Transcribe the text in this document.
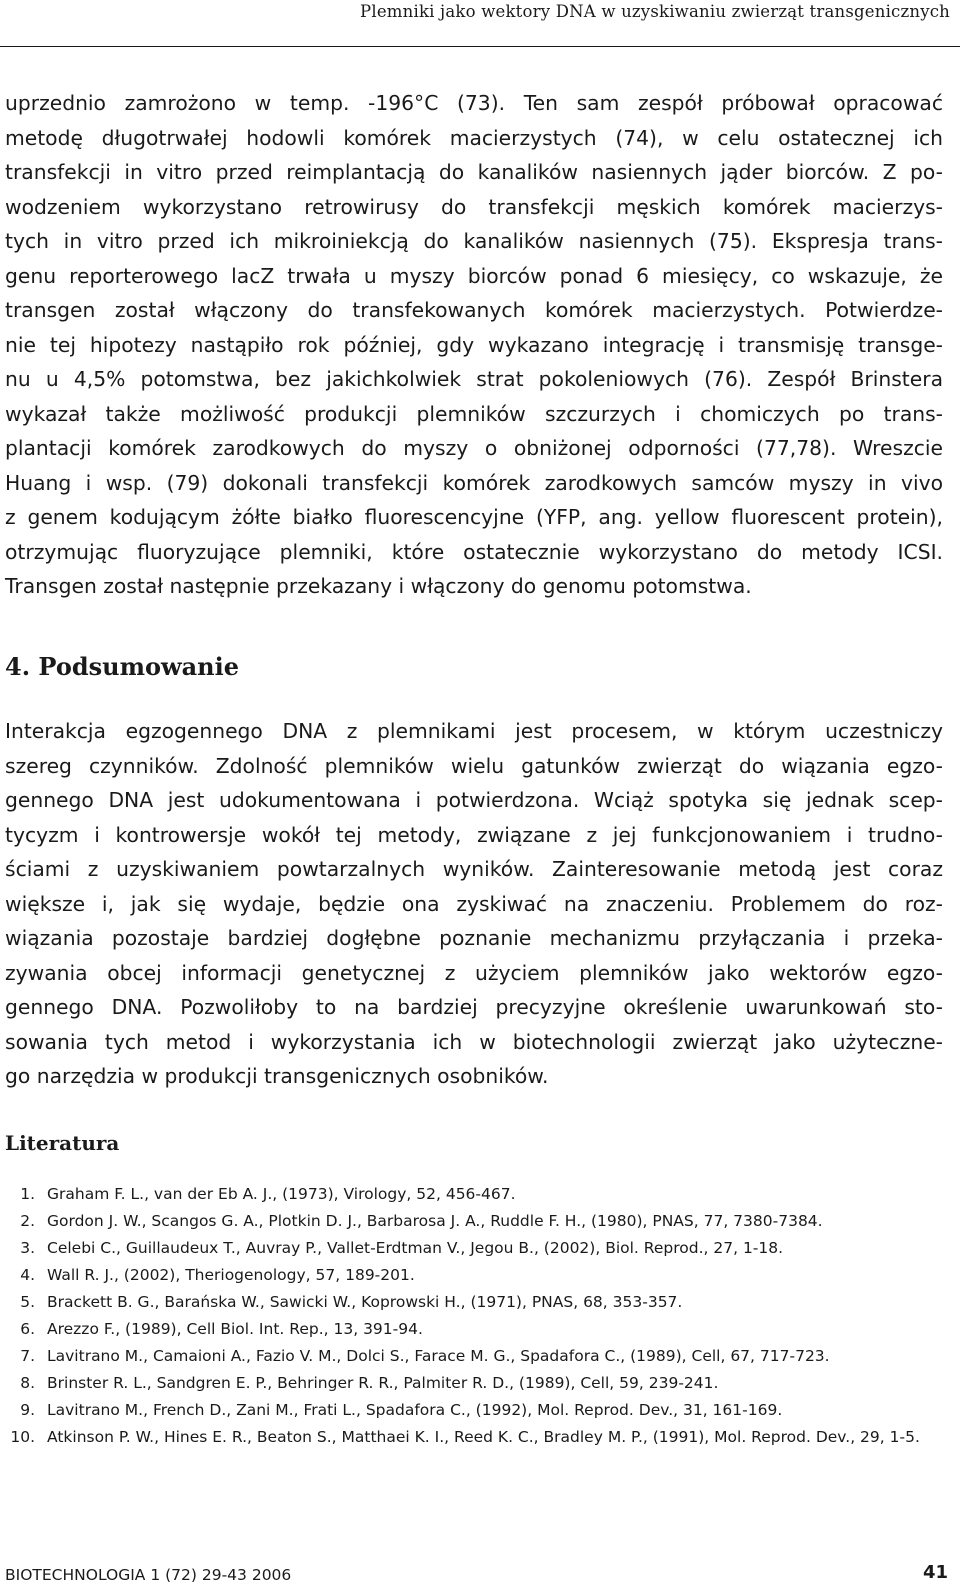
Plemniki jako wektory DNA w uzyskiwaniu zwierząt transgenicznych
uprzednio zamrożono w temp. -196°C (73). Ten sam zespół próbował opracować
metodę długotrwałej hodowli komórek macierzystych (74), w celu ostatecznej ich
transfekcji in vitro przed reimplantacją do kanalików nasiennych jąder biorców. Z po-
wodzeniem wykorzystano retrowirusy do transfekcji męskich komórek macierzys-
tych in vitro przed ich mikroiniekcją do kanalików nasiennych (75). Ekspresja trans-
genu reporterowego lacZ trwała u myszy biorców ponad 6 miesięcy, co wskazuje, że
transgen został włączony do transfekowanych komórek macierzystych. Potwierdze-
nie tej hipotezy nastąpiło rok później, gdy wykazano integrację i transmisję transge-
nu u 4,5% potomstwa, bez jakichkolwiek strat pokoleniowych (76). Zespół Brinstera
wykazał także możliwość produkcji plemników szczurzych i chomiczych po trans-
plantacji komórek zarodkowych do myszy o obniżonej odporności (77,78). Wreszcie
Huang i wsp. (79) dokonali transfekcji komórek zarodkowych samców myszy in vivo
z genem kodującym żółte białko fluorescencyjne (YFP, ang. yellow fluorescent protein),
otrzymując fluoryzujące plemniki, które ostatecznie wykorzystano do metody ICSI.
Transgen został następnie przekazany i włączony do genomu potomstwa.
4. Podsumowanie
Interakcja egzogennego DNA z plemnikami jest procesem, w którym uczestniczy
szereg czynników. Zdolność plemników wielu gatunków zwierząt do wiązania egzo-
gennego DNA jest udokumentowana i potwierdzona. Wciąż spotyka się jednak scep-
tycyzm i kontrowersje wokół tej metody, związane z jej funkcjonowaniem i trudno-
ściami z uzyskiwaniem powtarzalnych wyników. Zainteresowanie metodą jest coraz
większe i, jak się wydaje, będzie ona zyskiwać na znaczeniu. Problemem do roz-
wiązania pozostaje bardziej dogłębne poznanie mechanizmu przyłączania i przeka-
zywania obcej informacji genetycznej z użyciem plemników jako wektorów egzo-
gennego DNA. Pozwoliłoby to na bardziej precyzyjne określenie uwarunkowań sto-
sowania tych metod i wykorzystania ich w biotechnologii zwierząt jako użyteczne-
go narzędzia w produkcji transgenicznych osobników.
Literatura
1. Graham F. L., van der Eb A. J., (1973), Virology, 52, 456-467.
2. Gordon J. W., Scangos G. A., Plotkin D. J., Barbarosa J. A., Ruddle F. H., (1980), PNAS, 77, 7380-7384.
3. Celebi C., Guillaudeux T., Auvray P., Vallet-Erdtman V., Jegou B., (2002), Biol. Reprod., 27, 1-18.
4. Wall R. J., (2002), Theriogenology, 57, 189-201.
5. Brackett B. G., Barańska W., Sawicki W., Koprowski H., (1971), PNAS, 68, 353-357.
6. Arezzo F., (1989), Cell Biol. Int. Rep., 13, 391-94.
7. Lavitrano M., Camaioni A., Fazio V. M., Dolci S., Farace M. G., Spadafora C., (1989), Cell, 67, 717-723.
8. Brinster R. L., Sandgren E. P., Behringer R. R., Palmiter R. D., (1989), Cell, 59, 239-241.
9. Lavitrano M., French D., Zani M., Frati L., Spadafora C., (1992), Mol. Reprod. Dev., 31, 161-169.
10. Atkinson P. W., Hines E. R., Beaton S., Matthaei K. I., Reed K. C., Bradley M. P., (1991), Mol. Reprod. Dev., 29, 1-5.
BIOTECHNOLOGIA 1 (72) 29-43 2006	41
